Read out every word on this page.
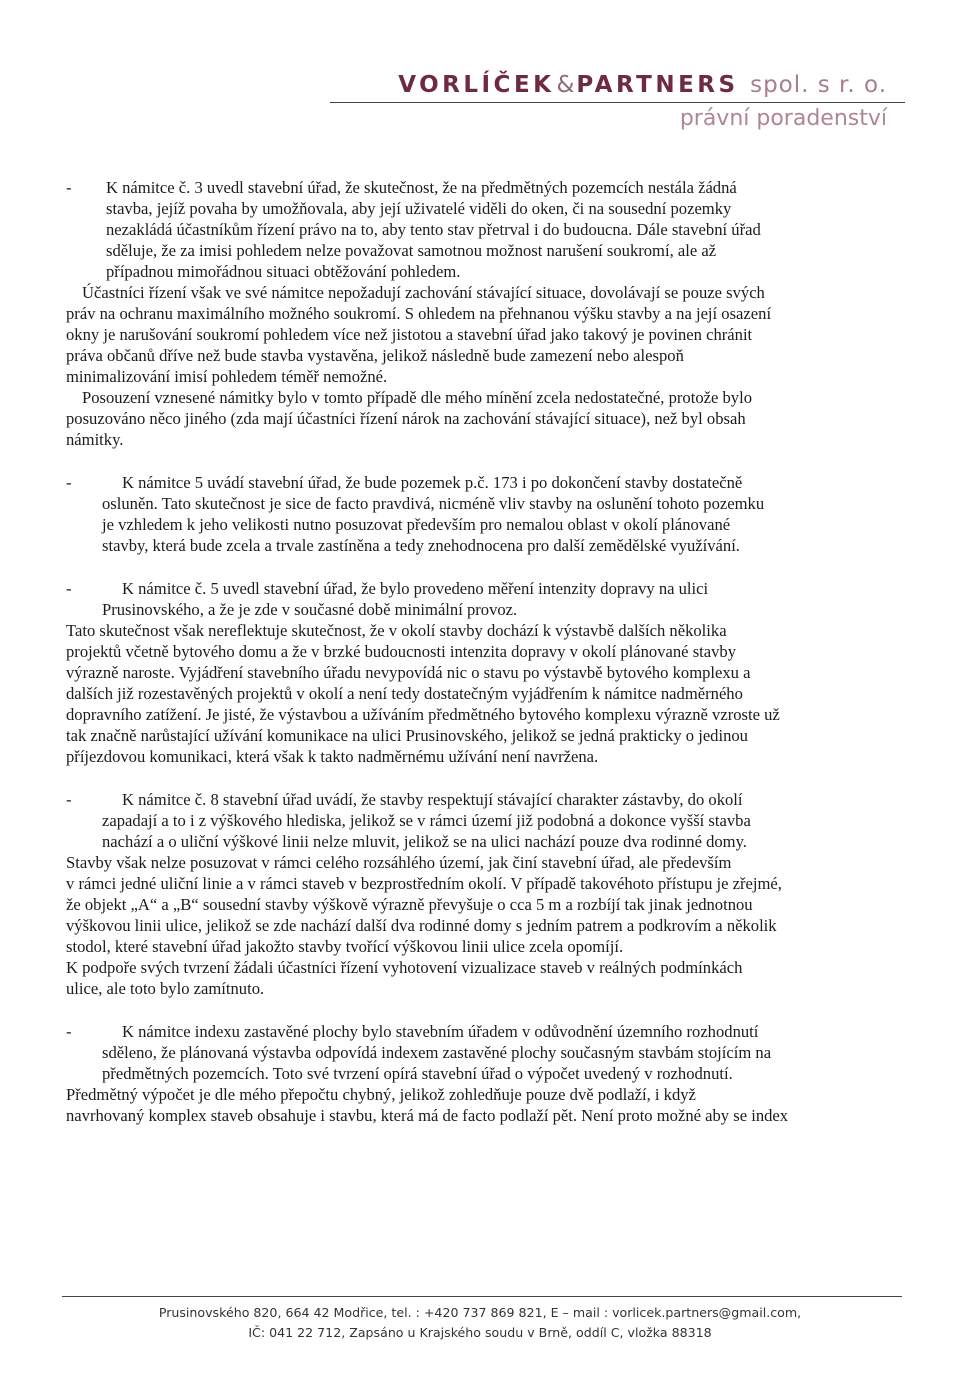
VORLÍČEK&PARTNERS spol. s r. o.
právní poradenství
- K námitce č. 3 uvedl stavební úřad, že skutečnost, že na předmětných pozemcích nestála žádná
stavba, jejíž povaha by umožňovala, aby její uživatelé viděli do oken, či na sousední pozemky
nezakládá účastníkům řízení právo na to, aby tento stav přetrval i do budoucna. Dále stavební úřad
sděluje, že za imisi pohledem nelze považovat samotnou možnost narušení soukromí, ale až
případnou mimořádnou situaci obtěžování pohledem.
Účastníci řízení však ve své námitce nepožadují zachování stávající situace, dovolávají se pouze svých
práv na ochranu maximálního možného soukromí. S ohledem na přehnanou výšku stavby a na její osazení
okny je narušování soukromí pohledem více než jistotou a stavební úřad jako takový je povinen chránit
práva občanů dříve než bude stavba vystavěna, jelikož následně bude zamezení nebo alespoň
minimalizování imisí pohledem téměř nemožné.
Posouzení vznesené námitky bylo v tomto případě dle mého mínění zcela nedostatečné, protože bylo
posuzováno něco jiného (zda mají účastníci řízení nárok na zachování stávající situace), než byl obsah
námitky.
-	K námitce 5 uvádí stavební úřad, že bude pozemek p.č. 173 i po dokončení stavby dostatečně
osluněn. Tato skutečnost je sice de facto pravdivá, nicméně vliv stavby na oslunění tohoto pozemku
je vzhledem k jeho velikosti nutno posuzovat především pro nemalou oblast v okolí plánované
stavby, která bude zcela a trvale zastíněna a tedy znehodnocena pro další zemědělské využívání.
-	K námitce č. 5 uvedl stavební úřad, že bylo provedeno měření intenzity dopravy na ulici
Prusinovského, a že je zde v současné době minimální provoz.
Tato skutečnost však nereflektuje skutečnost, že v okolí stavby dochází k výstavbě dalších několika
projektů včetně bytového domu a že v brzké budoucnosti intenzita dopravy v okolí plánované stavby
výrazně naroste. Vyjádření stavebního úřadu nevypovídá nic o stavu po výstavbě bytového komplexu a
dalších již rozestavěných projektů v okolí a není tedy dostatečným vyjádřením k námitce nadměrného
dopravního zatížení. Je jisté, že výstavbou a užíváním předmětného bytového komplexu výrazně vzroste už
tak značně narůstající užívání komunikace na ulici Prusinovského, jelikož se jedná prakticky o jedinou
příjezdovou komunikaci, která však k takto nadměrnému užívání není navržena.
-	K námitce č. 8 stavební úřad uvádí, že stavby respektují stávající charakter zástavby, do okolí
zapadají a to i z výškového hlediska, jelikož se v rámci území již podobná a dokonce vyšší stavba
nachází a o uliční výškové linii nelze mluvit, jelikož se na ulici nachází pouze dva rodinné domy.
Stavby však nelze posuzovat v rámci celého rozsáhlého území, jak činí stavební úřad, ale především
v rámci jedné uliční linie a v rámci staveb v bezprostředním okolí. V případě takovéhoto přístupu je zřejmé,
že objekt „A“ a „B“ sousední stavby výškově výrazně převyšuje o cca 5 m a rozbíjí tak jinak jednotnou
výškovou linii ulice, jelikož se zde nachází další dva rodinné domy s jedním patrem a podkrovím a několik
stodol, které stavební úřad jakožto stavby tvořící výškovou linii ulice zcela opomíjí.
K podpoře svých tvrzení žádali účastníci řízení vyhotovení vizualizace staveb v reálných podmínkách
ulice, ale toto bylo zamítnuto.
-	K námitce indexu zastavěné plochy bylo stavebním úřadem v odůvodnění územního rozhodnutí
sděleno, že plánovaná výstavba odpovídá indexem zastavěné plochy současným stavbám stojícím na
předmětných pozemcích. Toto své tvrzení opírá stavební úřad o výpočet uvedený v rozhodnutí.
Předmětný výpočet je dle mého přepočtu chybný, jelikož zohledňuje pouze dvě podlaží, i když
navrhovaný komplex staveb obsahuje i stavbu, která má de facto podlaží pět. Není proto možné aby se index
Prusinovského 820, 664 42 Modřice, tel. : +420 737 869 821, E – mail : vorlicek.partners@gmail.com,
IČ: 041 22 712, Zapsáno u Krajského soudu v Brně, oddíl C, vložka 88318
